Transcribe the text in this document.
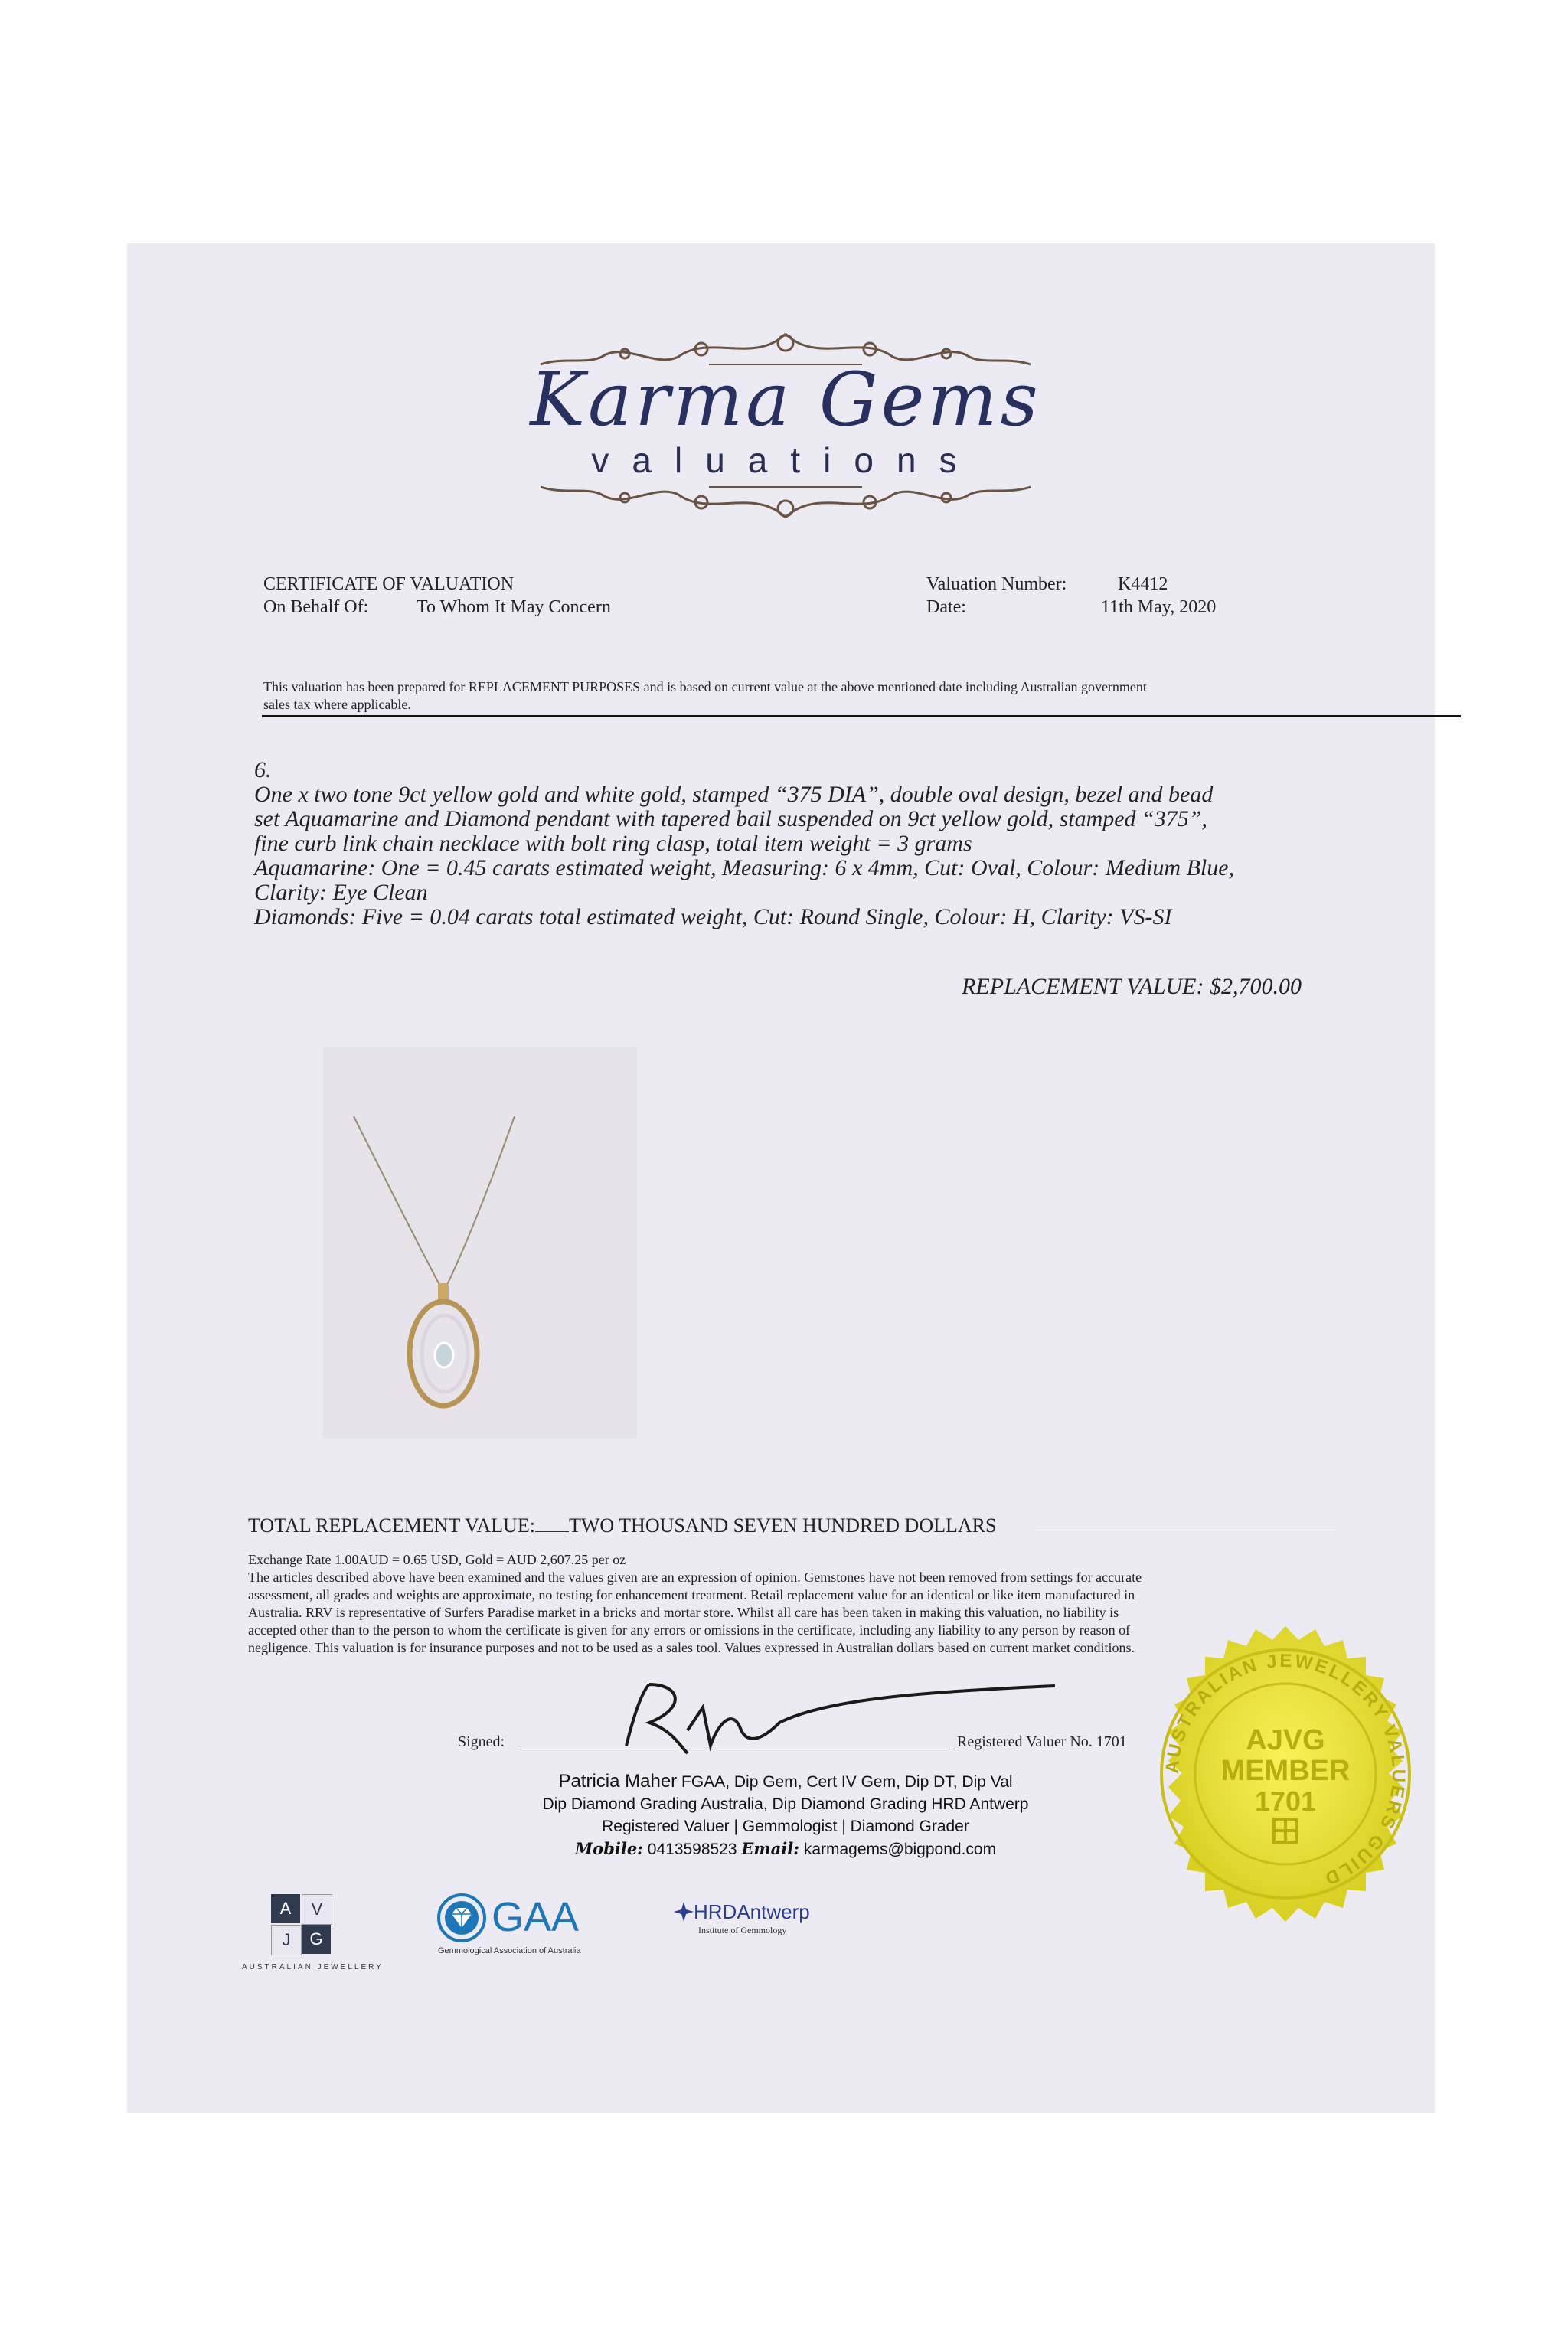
Karma Gems
valuations
CERTIFICATE OF VALUATION
On Behalf Of:	To Whom It May Concern
Valuation Number:	K4412
Date:	11th May, 2020
This valuation has been prepared for REPLACEMENT PURPOSES and is based on current value at the above mentioned date including Australian government
sales tax where applicable.

6.

One x two tone 9ct yellow gold and white gold, stamped “375 DIA”, double oval design, bezel and bead

set Aquamarine and Diamond pendant with tapered bail suspended on 9ct yellow gold, stamped “375”,

fine curb link chain necklace with bolt ring clasp, total item weight = 3 grams

Aquamarine: One = 0.45 carats estimated weight, Measuring: 6 x 4mm, Cut: Oval, Colour: Medium Blue,

Clarity: Eye Clean

Diamonds: Five = 0.04 carats total estimated weight, Cut: Round Single, Colour: H, Clarity: VS-SI

REPLACEMENT VALUE: $2,700.00
TOTAL REPLACEMENT VALUE: TWO THOUSAND SEVEN HUNDRED DOLLARS

Exchange Rate 1.00AUD = 0.65 USD, Gold = AUD 2,607.25 per oz

The articles described above have been examined and the values given are an expression of opinion. Gemstones have not been removed from settings for accurate

assessment, all grades and weights are approximate, no testing for enhancement treatment. Retail replacement value for an identical or like item manufactured in

Australia. RRV is representative of Surfers Paradise market in a bricks and mortar store. Whilst all care has been taken in making this valuation, no liability is

accepted other than to the person to whom the certificate is given for any errors or omissions in the certificate, including any liability to any person by reason of

negligence. This valuation is for insurance purposes and not to be used as a sales tool. Values expressed in Australian dollars based on current market conditions.

Signed:	Registered Valuer No. 1701

Patricia Maher FGAA, Dip Gem, Cert IV Gem, Dip DT, Dip Val

Dip Diamond Grading Australia, Dip Diamond Grading HRD Antwerp

Registered Valuer | Gemmologist | Diamond Grader

Mobile: 0413598523 Email: karmagems@bigpond.com

AUSTRALIAN JEWELLERY VALUERS GUILD
AJVG
MEMBER
1701
A	V
J	G
AUSTRALIAN JEWELLERY
GAA
Gemmological Association of Australia
HRDAntwerp
Institute of Gemmology
